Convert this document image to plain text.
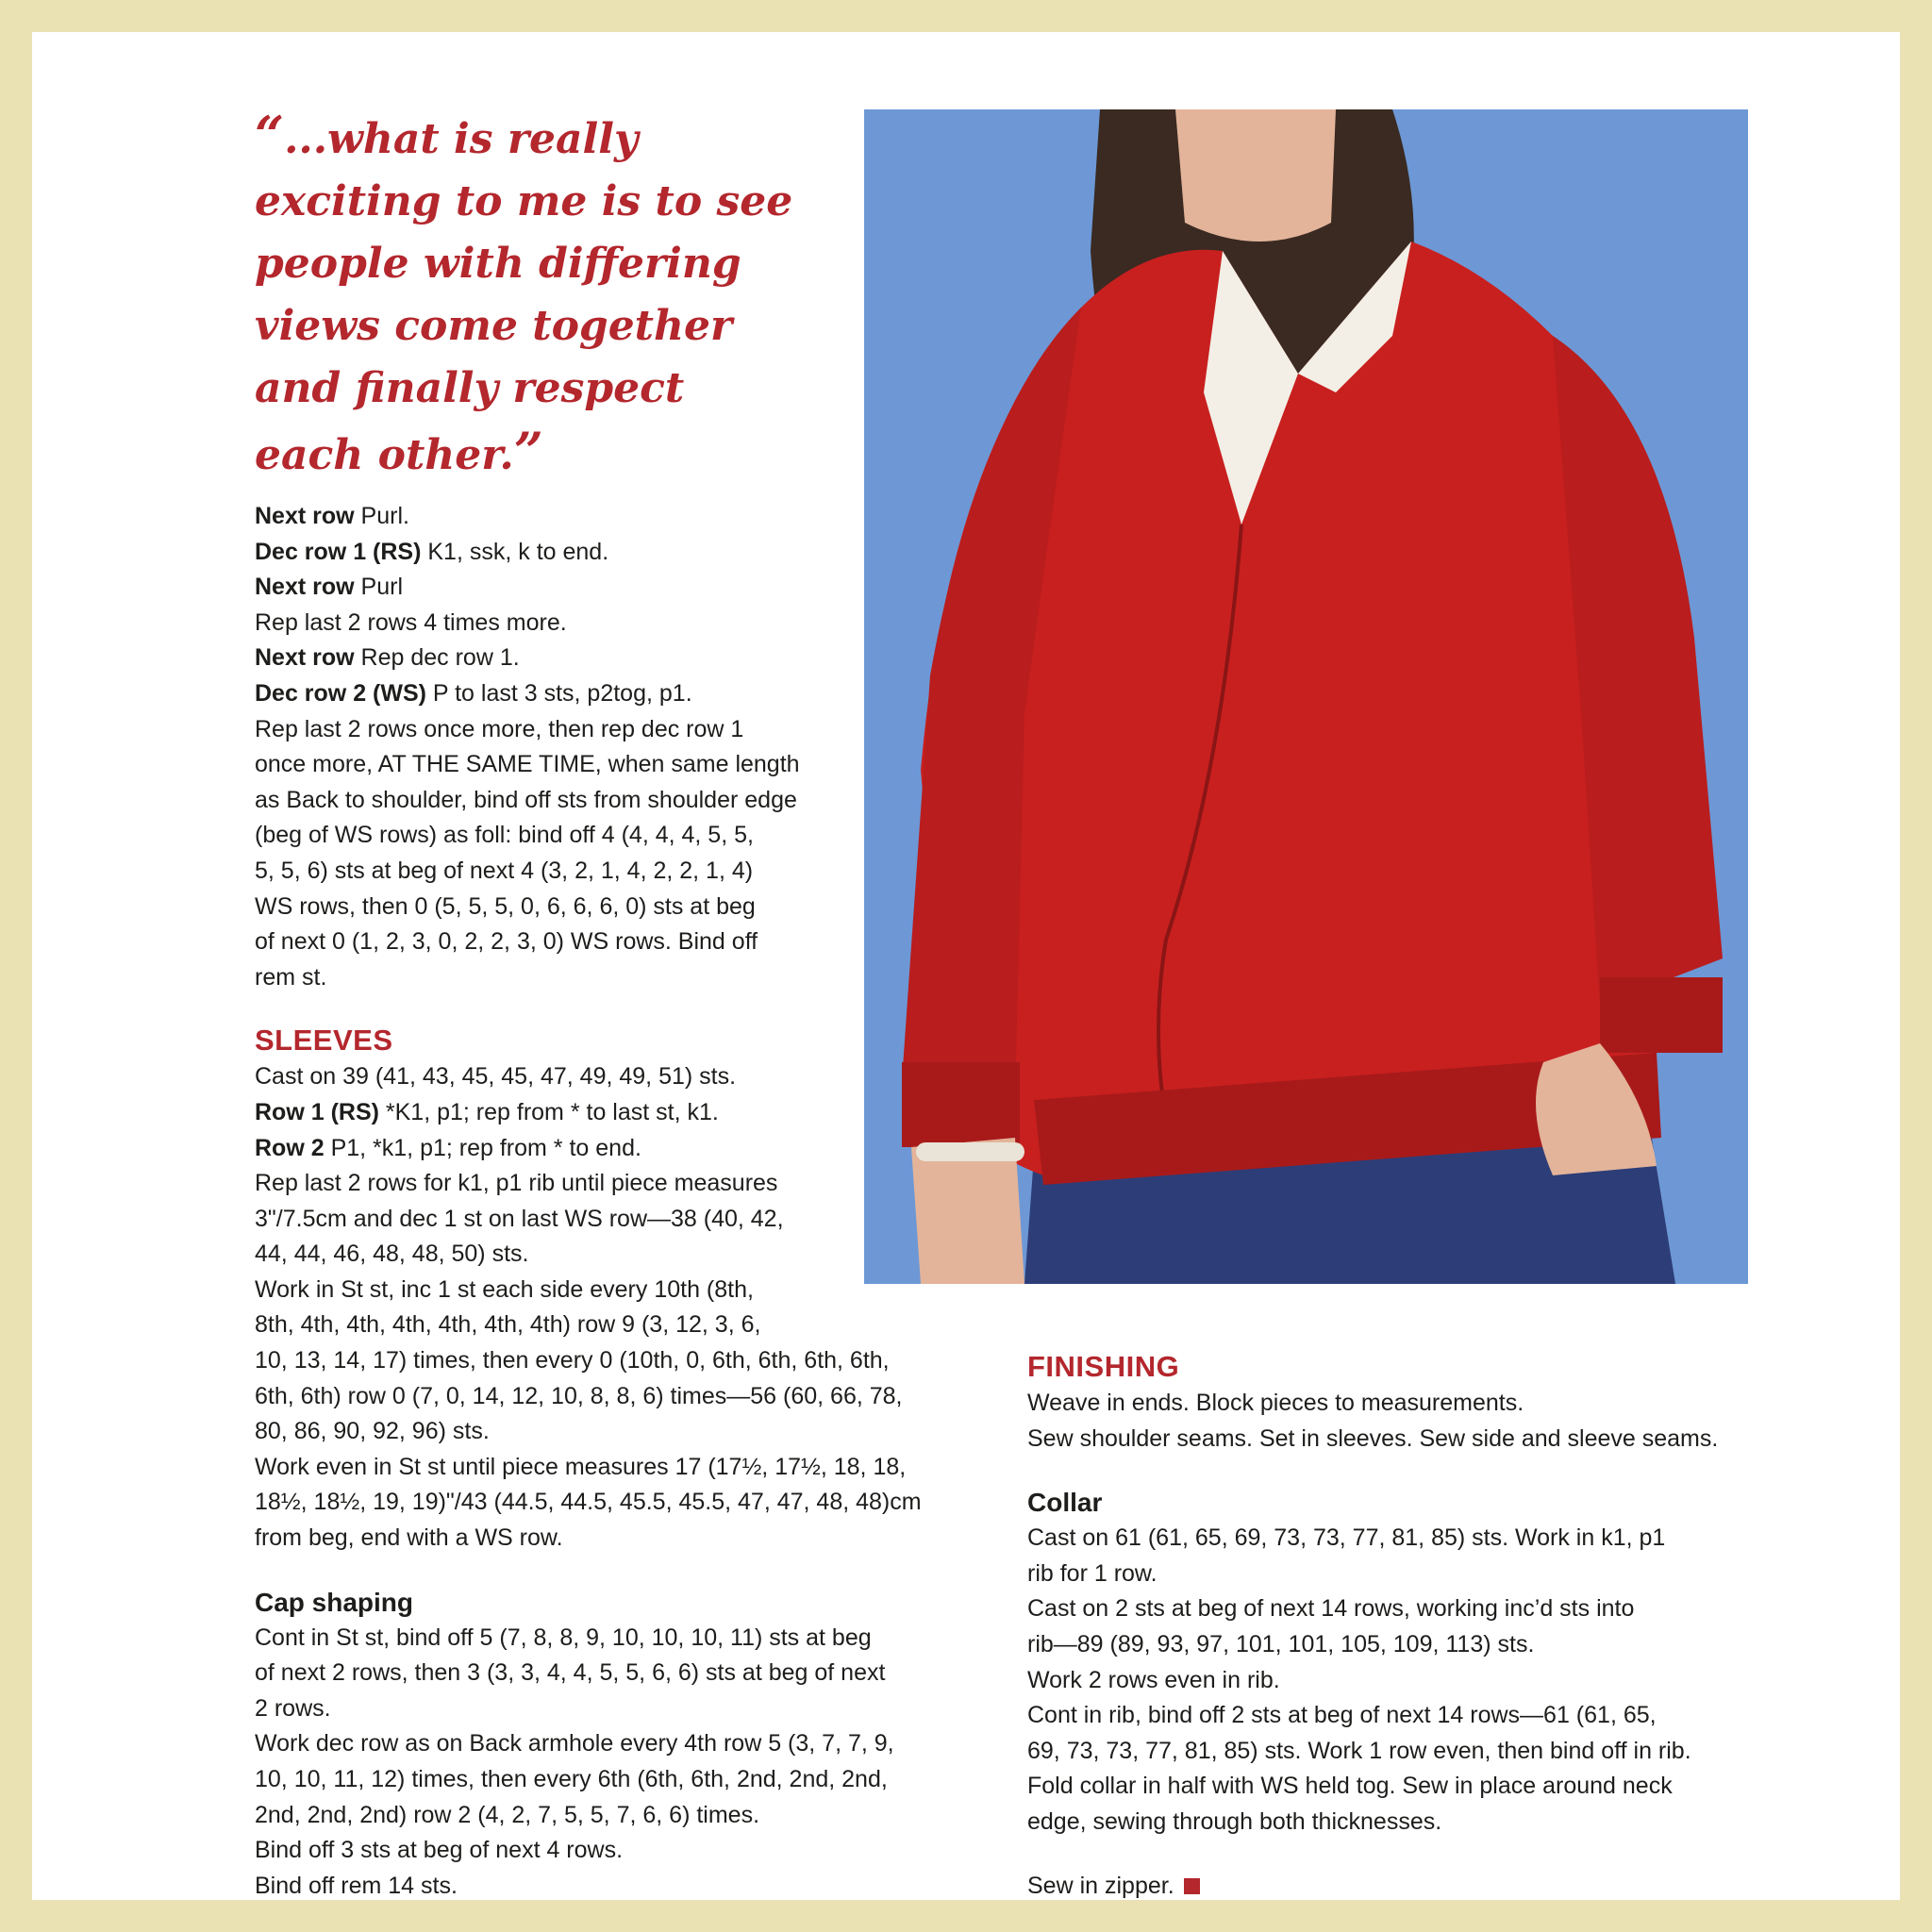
“...what is really
exciting to me is to see
people with differing
views come together
and finally respect
each other.”
Next row Purl.
Dec row 1 (RS) K1, ssk, k to end.
Next row Purl
Rep last 2 rows 4 times more.
Next row Rep dec row 1.
Dec row 2 (WS) P to last 3 sts, p2tog, p1.
Rep last 2 rows once more, then rep dec row 1
once more, AT THE SAME TIME, when same length
as Back to shoulder, bind off sts from shoulder edge
(beg of WS rows) as foll: bind off 4 (4, 4, 4, 5, 5,
5, 5, 6) sts at beg of next 4 (3, 2, 1, 4, 2, 2, 1, 4)
WS rows, then 0 (5, 5, 5, 0, 6, 6, 6, 0) sts at beg
of next 0 (1, 2, 3, 0, 2, 2, 3, 0) WS rows. Bind off
rem st.
SLEEVES
Cast on 39 (41, 43, 45, 45, 47, 49, 49, 51) sts.
Row 1 (RS) *K1, p1; rep from * to last st, k1.
Row 2 P1, *k1, p1; rep from * to end.
Rep last 2 rows for k1, p1 rib until piece measures
3"/7.5cm and dec 1 st on last WS row—38 (40, 42,
44, 44, 46, 48, 48, 50) sts.
Work in St st, inc 1 st each side every 10th (8th,
8th, 4th, 4th, 4th, 4th, 4th, 4th) row 9 (3, 12, 3, 6,
10, 13, 14, 17) times, then every 0 (10th, 0, 6th, 6th, 6th, 6th,
6th, 6th) row 0 (7, 0, 14, 12, 10, 8, 8, 6) times—56 (60, 66, 78,
80, 86, 90, 92, 96) sts.
Work even in St st until piece measures 17 (17½, 17½, 18, 18,
18½, 18½, 19, 19)"/43 (44.5, 44.5, 45.5, 45.5, 47, 47, 48, 48)cm
from beg, end with a WS row.
Cap shaping
Cont in St st, bind off 5 (7, 8, 8, 9, 10, 10, 10, 11) sts at beg
of next 2 rows, then 3 (3, 3, 4, 4, 5, 5, 6, 6) sts at beg of next
2 rows.
Work dec row as on Back armhole every 4th row 5 (3, 7, 7, 9,
10, 10, 11, 12) times, then every 6th (6th, 6th, 2nd, 2nd, 2nd,
2nd, 2nd, 2nd) row 2 (4, 2, 7, 5, 5, 7, 6, 6) times.
Bind off 3 sts at beg of next 4 rows.
Bind off rem 14 sts.
FINISHING
Weave in ends. Block pieces to measurements.
Sew shoulder seams. Set in sleeves. Sew side and sleeve seams.
Collar
Cast on 61 (61, 65, 69, 73, 73, 77, 81, 85) sts. Work in k1, p1
rib for 1 row.
Cast on 2 sts at beg of next 14 rows, working inc’d sts into
rib—89 (89, 93, 97, 101, 101, 105, 109, 113) sts.
Work 2 rows even in rib.
Cont in rib, bind off 2 sts at beg of next 14 rows—61 (61, 65,
69, 73, 73, 77, 81, 85) sts. Work 1 row even, then bind off in rib.
Fold collar in half with WS held tog. Sew in place around neck
edge, sewing through both thicknesses.
Sew in zipper.
